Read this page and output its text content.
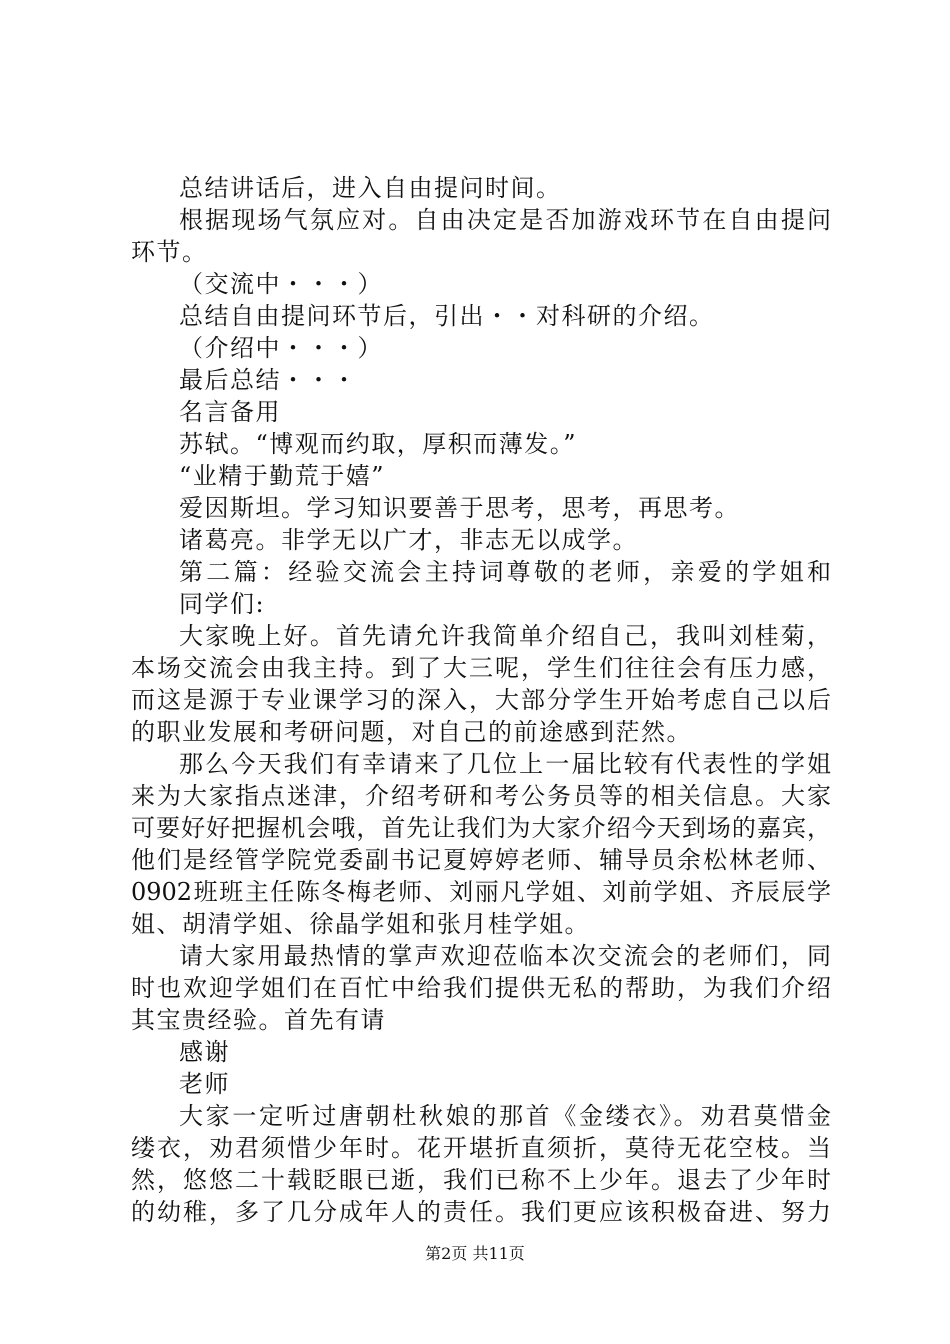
总结讲话后，进入自由提问时间。
根据现场气氛应对。自由决定是否加游戏环节在自由提问
环节。
（交流中・・・）
总结自由提问环节后，引出・・对科研的介绍。
（介绍中・・・）
最后总结・・・
名言备用
苏轼。“博观而约取，厚积而薄发。”
“业精于勤荒于嬉”
爱因斯坦。学习知识要善于思考，思考，再思考。
诸葛亮。非学无以广才，非志无以成学。
第二篇：经验交流会主持词尊敬的老师，亲爱的学姐和
同学们:
大家晚上好。首先请允许我简单介绍自己，我叫刘桂菊，
本场交流会由我主持。到了大三呢，学生们往往会有压力感，
而这是源于专业课学习的深入，大部分学生开始考虑自己以后
的职业发展和考研问题，对自己的前途感到茫然。
那么今天我们有幸请来了几位上一届比较有代表性的学姐
来为大家指点迷津，介绍考研和考公务员等的相关信息。大家
可要好好把握机会哦，首先让我们为大家介绍今天到场的嘉宾，
他们是经管学院党委副书记夏婷婷老师、辅导员余松林老师、
0902班班主任陈冬梅老师、刘丽凡学姐、刘前学姐、齐辰辰学
姐、胡清学姐、徐晶学姐和张月桂学姐。
请大家用最热情的掌声欢迎莅临本次交流会的老师们，同
时也欢迎学姐们在百忙中给我们提供无私的帮助，为我们介绍
其宝贵经验。首先有请
感谢
老师
大家一定听过唐朝杜秋娘的那首《金缕衣》。劝君莫惜金
缕衣，劝君须惜少年时。花开堪折直须折，莫待无花空枝。当
然，悠悠二十载眨眼已逝，我们已称不上少年。退去了少年时
的幼稚，多了几分成年人的责任。我们更应该积极奋进、努力
第2页 共11页
